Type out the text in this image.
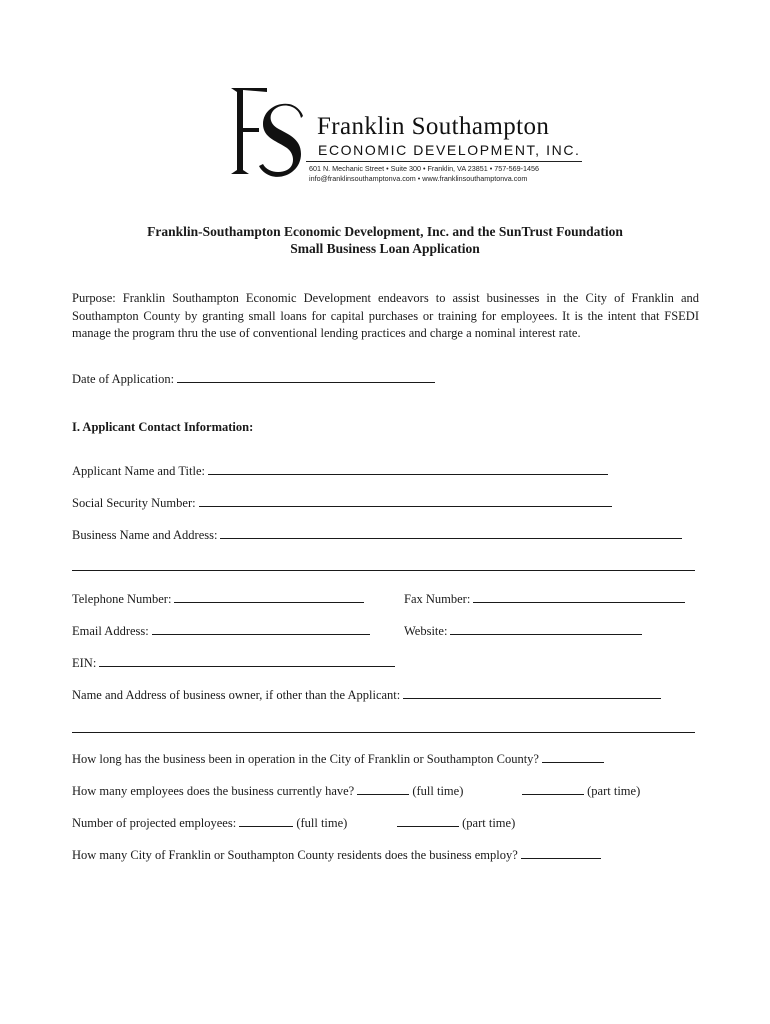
Franklin Southampton
ECONOMIC DEVELOPMENT, INC.
601 N. Mechanic Street • Suite 300 • Franklin, VA 23851 • 757-569-1456
info@franklinsouthamptonva.com • www.franklinsouthamptonva.com
Franklin-Southampton Economic Development, Inc. and the SunTrust Foundation
Small Business Loan Application
Purpose: Franklin Southampton Economic Development endeavors to assist businesses in the City of Franklin and Southampton County by granting small loans for capital purchases or training for employees. It is the intent that FSEDI manage the program thru the use of conventional lending practices and charge a nominal interest rate.
Date of Application:
I. Applicant Contact Information:
Applicant Name and Title:
Social Security Number:
Business Name and Address:
Telephone Number:	Fax Number:
Email Address:	Website:
EIN:
Name and Address of business owner, if other than the Applicant:
How long has the business been in operation in the City of Franklin or Southampton County?
How many employees does the business currently have?	(full time)	(part time)
Number of projected employees:	(full time)	(part time)
How many City of Franklin or Southampton County residents does the business employ?
